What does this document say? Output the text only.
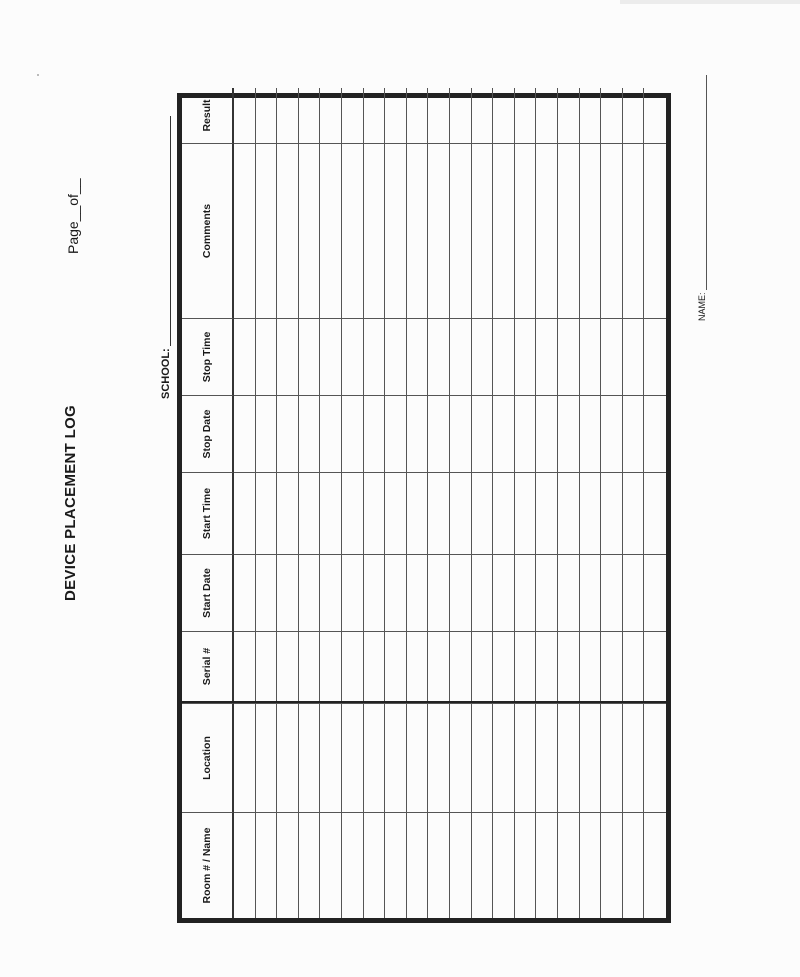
DEVICE PLACEMENT LOG
Page__of__
SCHOOL:
Room # / Name
Location
Serial #
Start Date
Start Time
Stop Date
Stop Time
Comments
Result
NAME:
